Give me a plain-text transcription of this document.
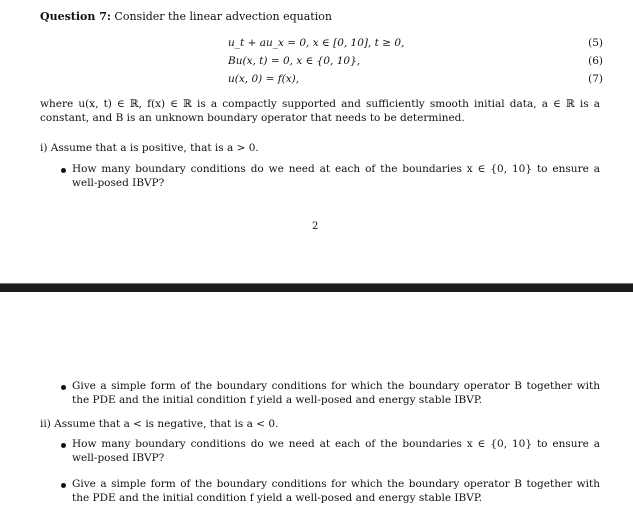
Question 7: Consider the linear advection equation
u_t + au_x = 0, x ∈ [0, 10], t ≥ 0,	(5)
Bu(x, t) = 0, x ∈ {0, 10},	(6)
u(x, 0) = f(x),	(7)
where u(x, t) ∈ ℝ, f(x) ∈ ℝ is a compactly supported and sufficiently smooth initial data, a ∈ ℝ is a constant, and B is an unknown boundary operator that needs to be determined.
i) Assume that a is positive, that is a > 0.
How many boundary conditions do we need at each of the boundaries x ∈ {0, 10} to ensure a well-posed IBVP?
2
Give a simple form of the boundary conditions for which the boundary operator B together with the PDE and the initial condition f yield a well-posed and energy stable IBVP.
ii) Assume that a < is negative, that is a < 0.
How many boundary conditions do we need at each of the boundaries x ∈ {0, 10} to ensure a well-posed IBVP?
Give a simple form of the boundary conditions for which the boundary operator B together with the PDE and the initial condition f yield a well-posed and energy stable IBVP.
